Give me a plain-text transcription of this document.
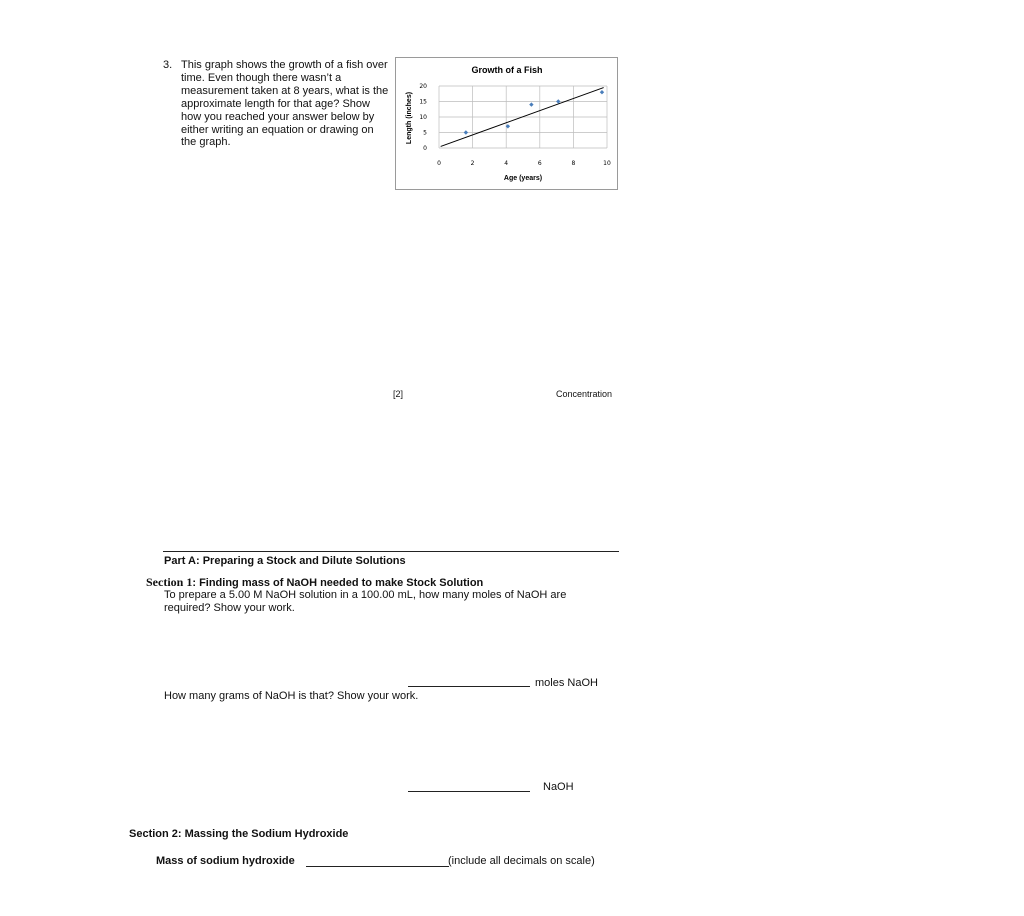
3. This graph shows the growth of a fish over time. Even though there wasn’t a measurement taken at 8 years, what is the approximate length for that age? Show how you reached your answer below by either writing an equation or drawing on the graph.
Growth of a Fish
0
5
10
15
20
0	2	4	6	8	10
Age (years)
Length (inches)
[2]	Concentration
Part A: Preparing a Stock and Dilute Solutions
Section 1: Finding mass of NaOH needed to make Stock Solution
To prepare a 5.00 M NaOH solution in a 100.00 mL, how many moles of NaOH are required? Show your work.
moles NaOH
How many grams of NaOH is that? Show your work.
NaOH
Section 2: Massing the Sodium Hydroxide
Mass of sodium hydroxide	(include all decimals on scale)
